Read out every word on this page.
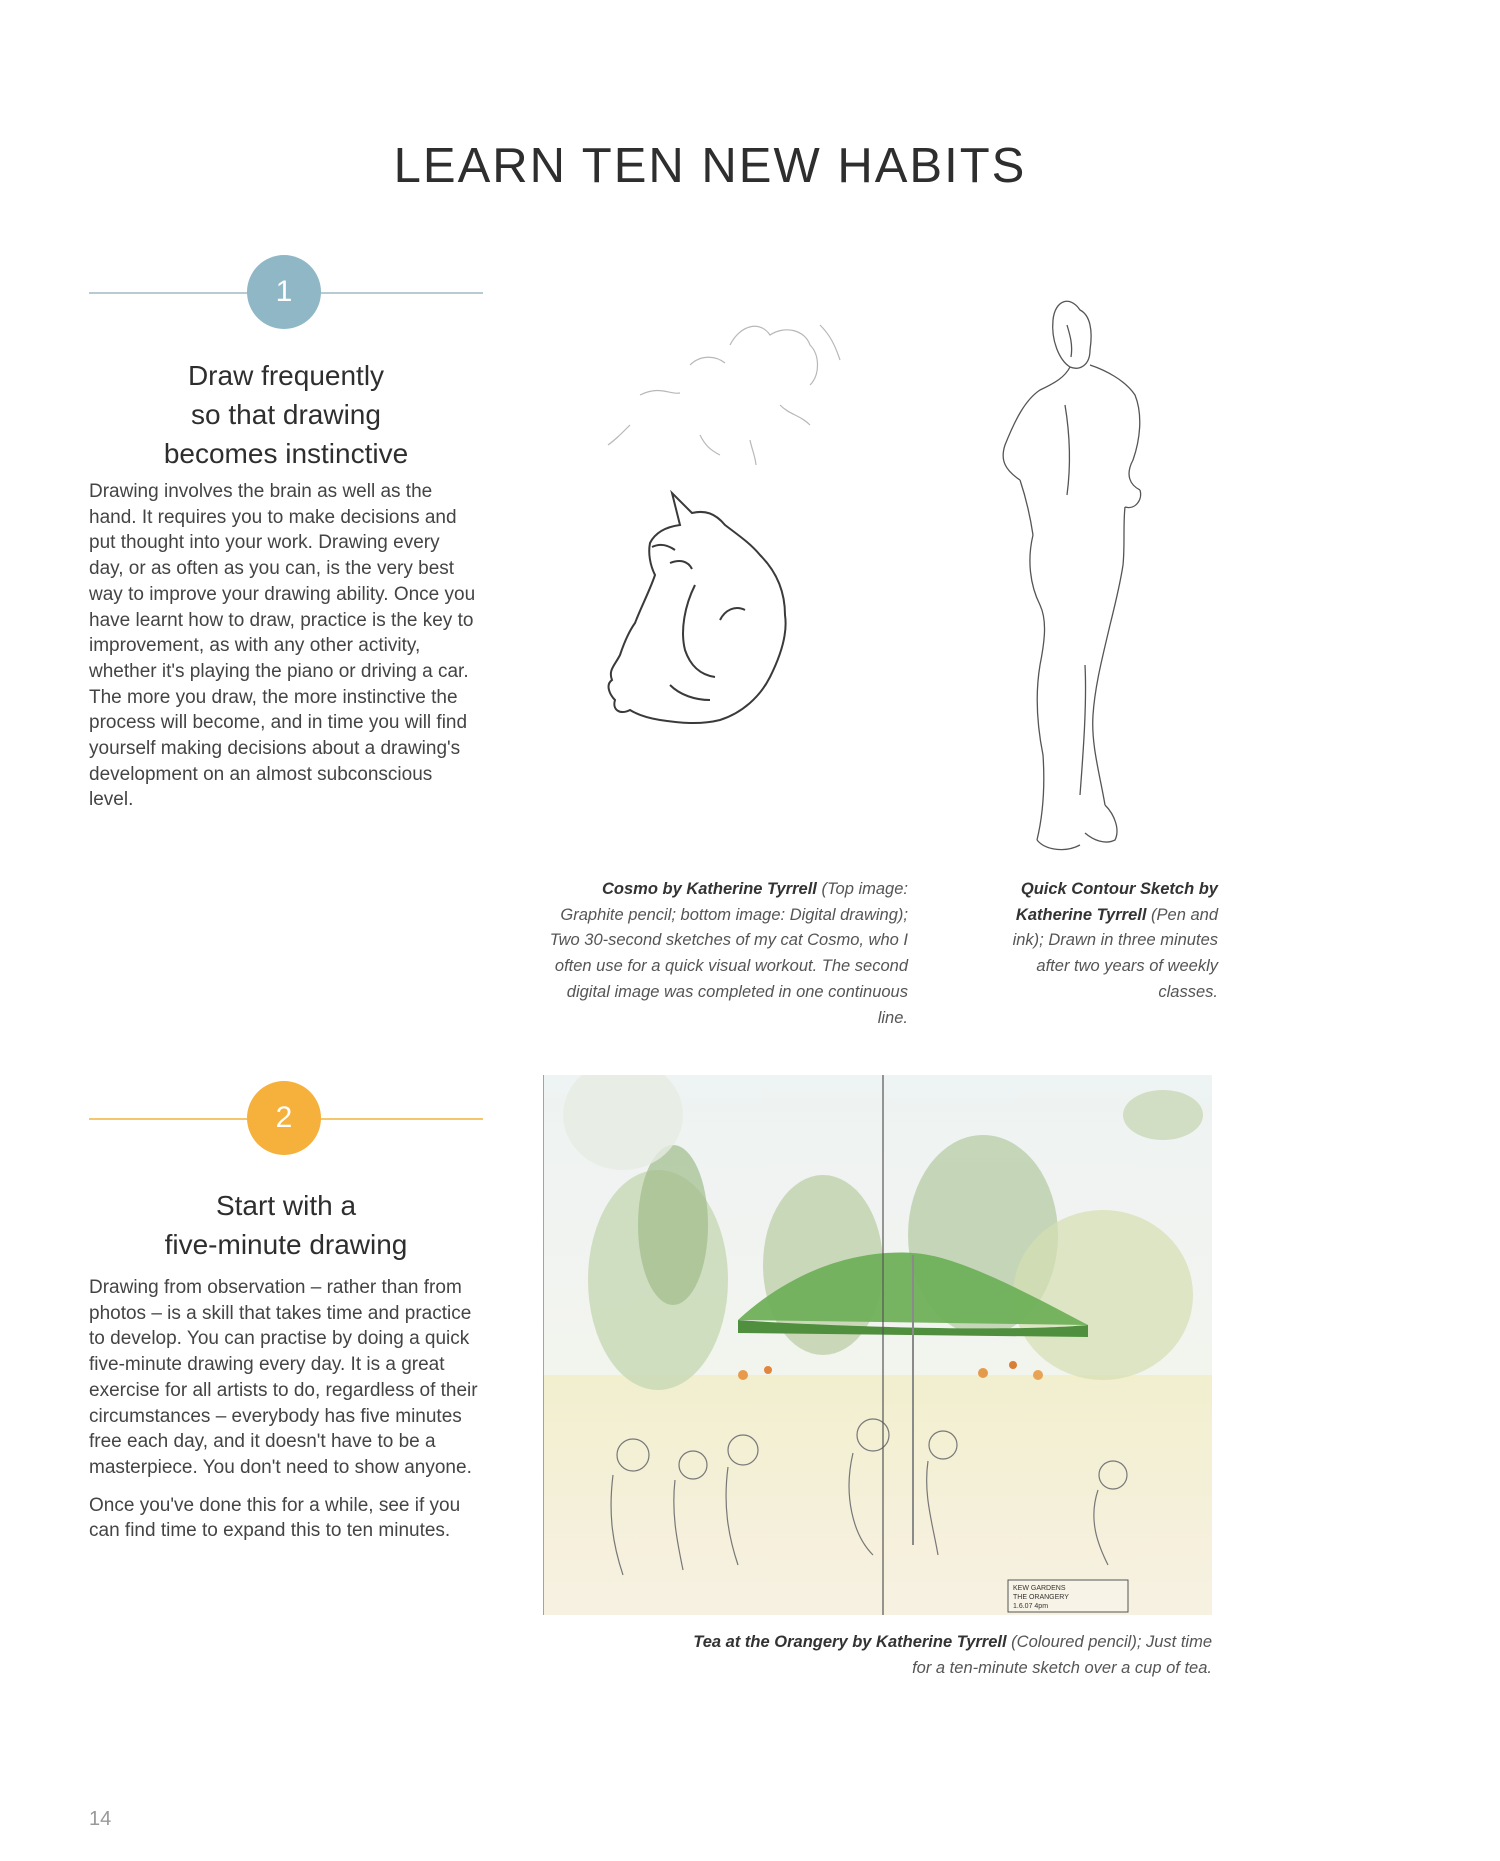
LEARN TEN NEW HABITS
1
Draw frequently
so that drawing
becomes instinctive

Drawing involves the brain as well as the hand. It requires you to make decisions and put thought into your work. Drawing every day, or as often as you can, is the very best way to improve your drawing ability. Once you have learnt how to draw, practice is the key to improvement, as with any other activity, whether it's playing the piano or driving a car. The more you draw, the more instinctive the process will become, and in time you will find yourself making decisions about a drawing's development on an almost subconscious level.

Cosmo by Katherine Tyrrell (Top image: Graphite pencil; bottom image: Digital drawing); Two 30-second sketches of my cat Cosmo, who I often use for a quick visual workout. The second digital image was completed in one continuous line.
Quick Contour Sketch by Katherine Tyrrell (Pen and ink); Drawn in three minutes after two years of weekly classes.
2
Start with a
five-minute drawing

Drawing from observation – rather than from photos – is a skill that takes time and practice to develop. You can practise by doing a quick five-minute drawing every day. It is a great exercise for all artists to do, regardless of their circumstances – everybody has five minutes free each day, and it doesn't have to be a masterpiece. You don't need to show anyone.

Once you've done this for a while, see if you can find time to expand this to ten minutes.

KEW GARDENS
THE ORANGERY
1.6.07 4pm
Tea at the Orangery by Katherine Tyrrell (Coloured pencil); Just time for a ten-minute sketch over a cup of tea.
14
